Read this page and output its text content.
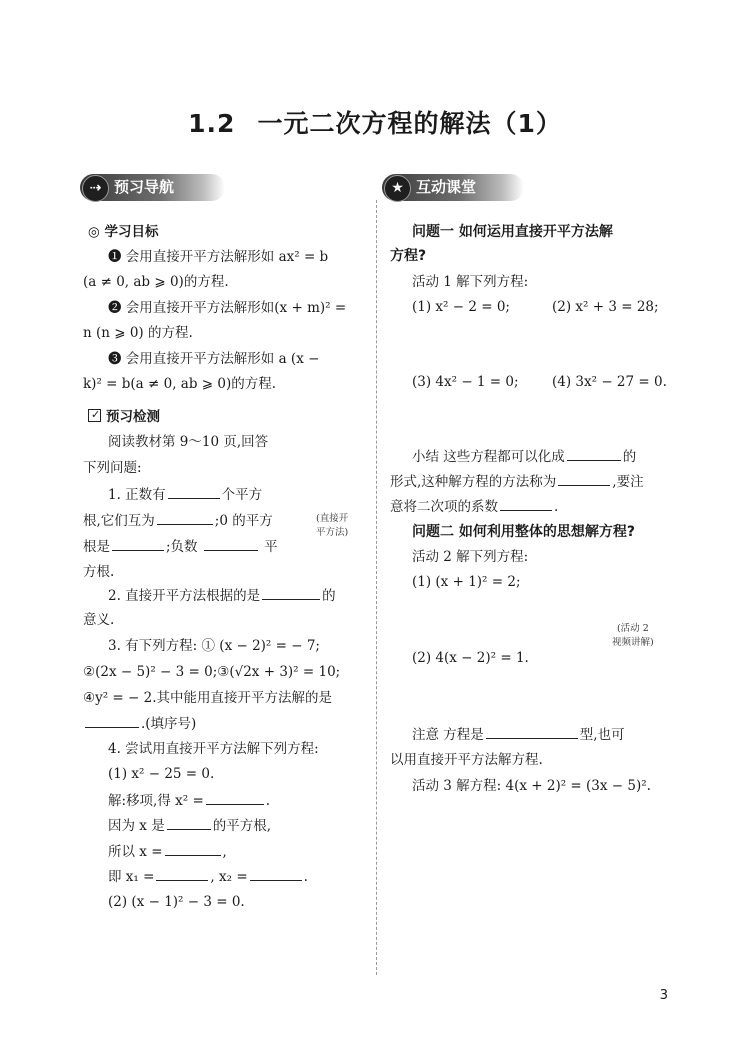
1.2 一元二次方程的解法（1）
⇢ 预习导航	★ 互动课堂
◎ 学习目标
❶ 会用直接开平方法解形如 ax² = b
(a ≠ 0, ab ⩾ 0)的方程.
❷ 会用直接开平方法解形如(x + m)² =
n (n ⩾ 0) 的方程.
❸ 会用直接开平方法解形如 a (x −
k)² = b(a ≠ 0, ab ⩾ 0)的方程.
✓预习检测
阅读教材第 9～10 页,回答
下列问题:
1. 正数有	个平方
根,它们互为	;0 的平方
根是	;负数	平
方根.
(直接开
平方法)
2. 直接开平方法根据的是	的
意义.
3. 有下列方程: ① (x − 2)² = − 7;
②(2x − 5)² − 3 = 0;③(√2x + 3)² = 10;
④y² = − 2.其中能用直接开平方法解的是
.(填序号)
4. 尝试用直接开平方法解下列方程:
(1) x² − 25 = 0.
解:移项,得 x² =	.
因为 x 是	的平方根,
所以 x =	,
即 x₁ =	, x₂ =	.
(2) (x − 1)² − 3 = 0.
问题一 如何运用直接开平方法解
方程?
活动 1 解下列方程:
(1) x² − 2 = 0;	(2) x² + 3 = 28;
(3) 4x² − 1 = 0; (4) 3x² − 27 = 0.
小结 这些方程都可以化成	的
形式,这种解方程的方法称为	,要注
意将二次项的系数	.
问题二 如何利用整体的思想解方程?
活动 2 解下列方程:
(1) (x + 1)² = 2;
(活动 2
视频讲解)
(2) 4(x − 2)² = 1.
注意 方程是	型,也可
以用直接开平方法解方程.
活动 3 解方程: 4(x + 2)² = (3x − 5)².
3
